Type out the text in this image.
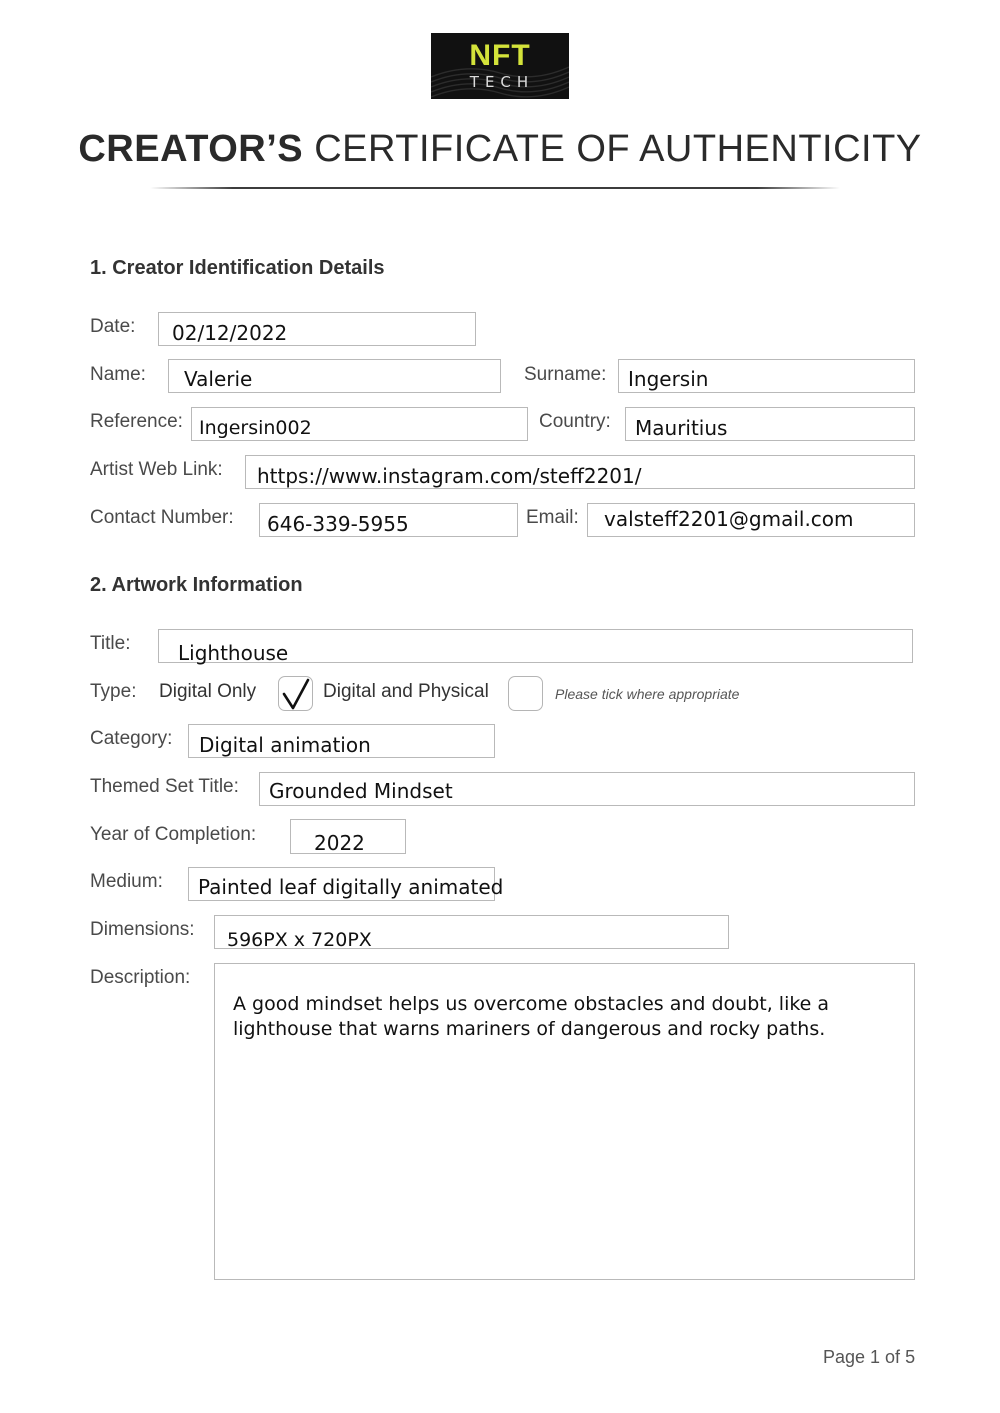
NFT
TECH
CREATOR’S CERTIFICATE OF AUTHENTICITY
1. Creator Identification Details
Date: 02/12/2022
Name: Valerie	Surname: Ingersin
Reference: Ingersin002	Country: Mauritius
Artist Web Link: https://www.instagram.com/steff2201/
Contact Number: 646-339-5955	Email: valsteff2201@gmail.com
2. Artwork Information
Title: Lighthouse
Type: Digital Only	Digital and Physical	Please tick where appropriate
Category: Digital animation
Themed Set Title: Grounded Mindset
Year of Completion:	2022
Medium: Painted leaf digitally animated
Dimensions: 596PX x 720PX
Description:
A good mindset helps us overcome obstacles and doubt, like a
lighthouse that warns mariners of dangerous and rocky paths.
Page 1 of 5
